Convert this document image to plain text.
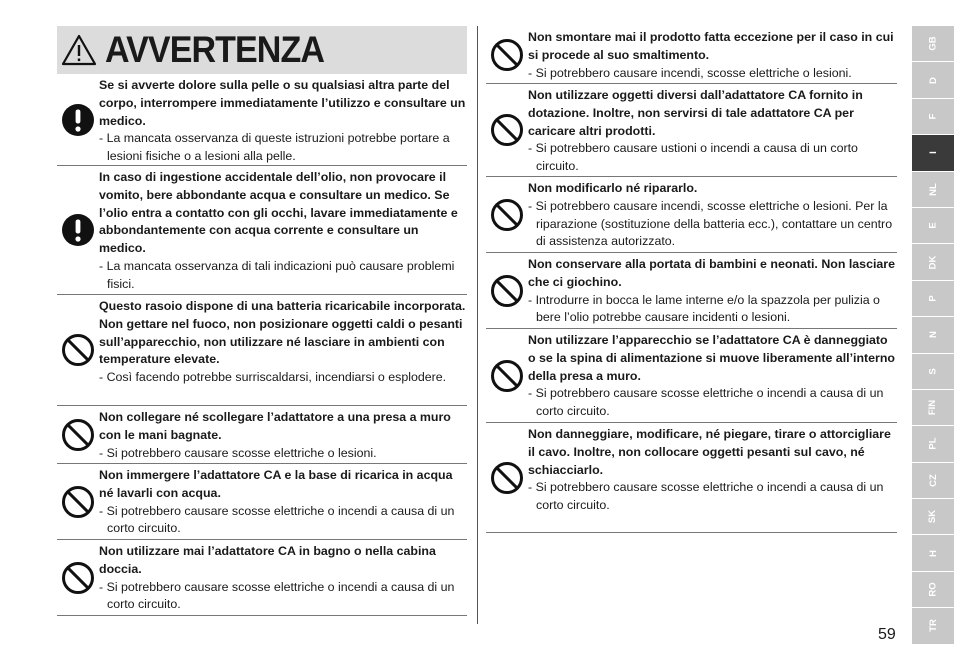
AVVERTENZA
Se si avverte dolore sulla pelle o su qualsiasi altra parte del corpo, interrompere immediatamente l’utilizzo e consultare un medico.
- La mancata osservanza di queste istruzioni potrebbe portare a lesioni fisiche o a lesioni alla pelle.
In caso di ingestione accidentale dell’olio, non provocare il vomito, bere abbondante acqua e consultare un medico. Se l’olio entra a contatto con gli occhi, lavare immediatamente e abbondantemente con acqua corrente e consultare un medico.
- La mancata osservanza di tali indicazioni può causare problemi fisici.
Questo rasoio dispone di una batteria ricaricabile incorporata. Non gettare nel fuoco, non posizionare oggetti caldi o pesanti sull’apparecchio, non utilizzare né lasciare in ambienti con temperature elevate.
- Così facendo potrebbe surriscaldarsi, incendiarsi o esplodere.
Non collegare né scollegare l’adattatore a una presa a muro con le mani bagnate.
- Si potrebbero causare scosse elettriche o lesioni.
Non immergere l’adattatore CA e la base di ricarica in acqua né lavarli con acqua.
- Si potrebbero causare scosse elettriche o incendi a causa di un corto circuito.
Non utilizzare mai l’adattatore CA in bagno o nella cabina doccia.
- Si potrebbero causare scosse elettriche o incendi a causa di un corto circuito.
Non smontare mai il prodotto fatta eccezione per il caso in cui si procede al suo smaltimento.
- Si potrebbero causare incendi, scosse elettriche o lesioni.
Non utilizzare oggetti diversi dall’adattatore CA fornito in dotazione. Inoltre, non servirsi di tale adattatore CA per caricare altri prodotti.
- Si potrebbero causare ustioni o incendi a causa di un corto circuito.
Non modificarlo né ripararlo.
- Si potrebbero causare incendi, scosse elettriche o lesioni. Per la riparazione (sostituzione della batteria ecc.), contattare un centro di assistenza autorizzato.
Non conservare alla portata di bambini e neonati. Non lasciare che ci giochino.
- Introdurre in bocca le lame interne e/o la spazzola per pulizia o bere l’olio potrebbe causare incidenti o lesioni.
Non utilizzare l’apparecchio se l’adattatore CA è danneggiato o se la spina di alimentazione si muove liberamente all’interno della presa a muro.
- Si potrebbero causare scosse elettriche o incendi a causa di un corto circuito.
Non danneggiare, modificare, né piegare, tirare o attorcigliare il cavo. Inoltre, non collocare oggetti pesanti sul cavo, né schiacciarlo.
- Si potrebbero causare scosse elettriche o incendi a causa di un corto circuito.
GB
D
F
I
NL
E
DK
P
N
S
FIN
PL
CZ
SK
H
RO
TR
59
